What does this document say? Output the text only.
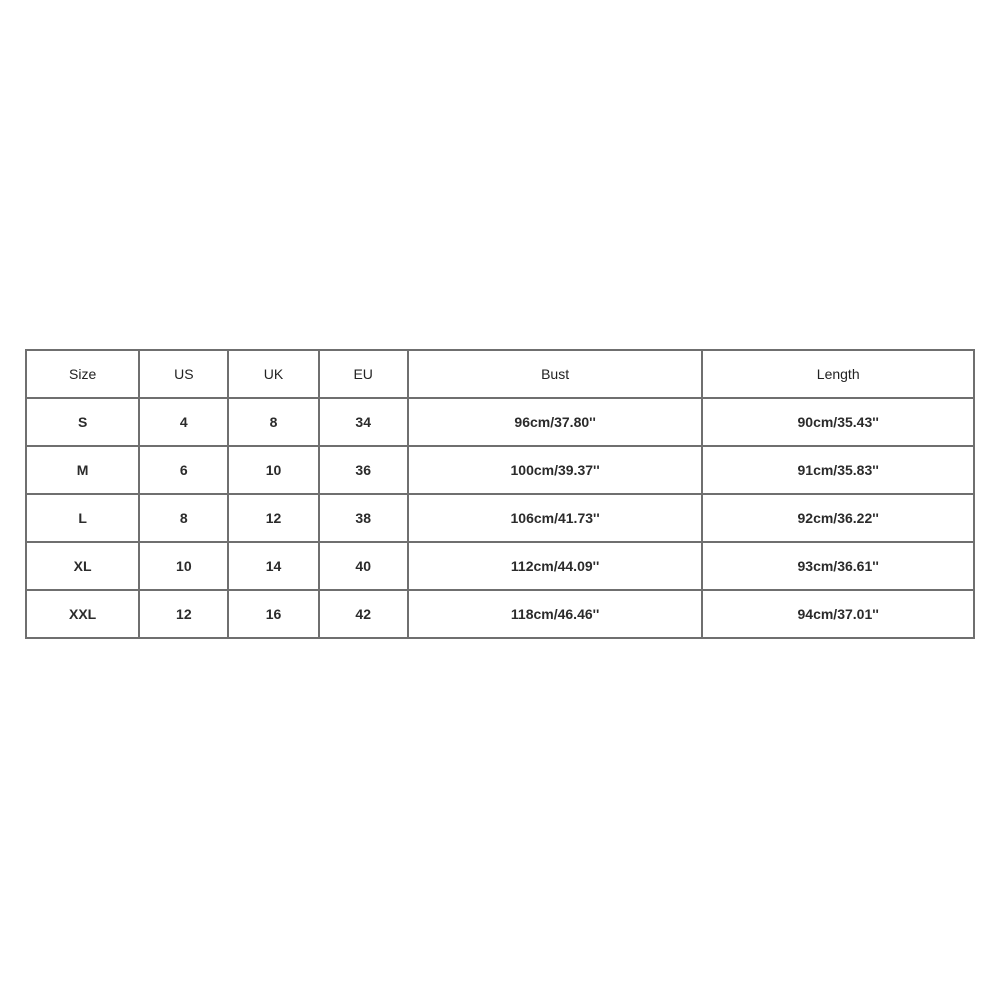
Size	US	UK	EU	Bust	Length
S	4	8	34	96cm/37.80''	90cm/35.43''
M	6	10	36	100cm/39.37''	91cm/35.83''
L	8	12	38	106cm/41.73''	92cm/36.22''
XL	10	14	40	112cm/44.09''	93cm/36.61''
XXL	12	16	42	118cm/46.46''	94cm/37.01''
